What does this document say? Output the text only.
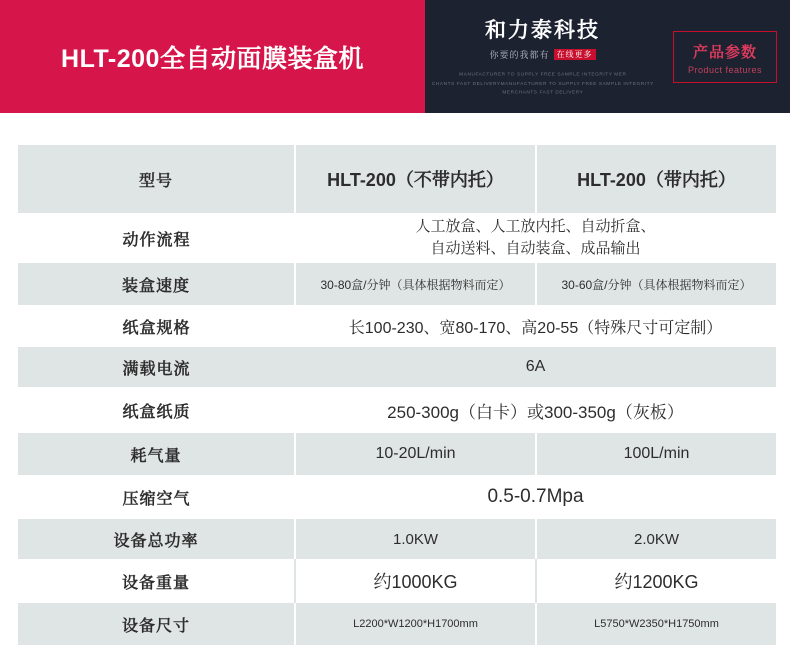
HLT-200全自动面膜装盒机
和力泰科技
你要的我都有 在线更多
MANUFACTURER TO SUPPLY FREE SAMPLE INTEGRITY MER
CHANTS FAST DELIVERYMANUFACTURER TO SUPPLY FREE SAMPLE INTEGRITY
MERCHANTS FAST DELIVERY
产品参数
Product features
型号	HLT-200（不带内托）	HLT-200（带内托）
动作流程	人工放盒、人工放内托、自动折盒、
自动送料、自动装盒、成品输出	

装盒速度	30-80盒/分钟（具体根据物料而定）	30-60盒/分钟（具体根据物料而定）
纸盒规格	长100-230、宽80-170、高20-55（特殊尺寸可定制）	
满载电流	6A	
纸盒纸质	250-300g（白卡）或300-350g（灰板）	
耗气量	10-20L/min	100L/min
压缩空气	0.5-0.7Mpa	
设备总功率	1.0KW	2.0KW
设备重量	约1000KG	约1200KG
设备尺寸	L2200*W1200*H1700mm	L5750*W2350*H1750mm
